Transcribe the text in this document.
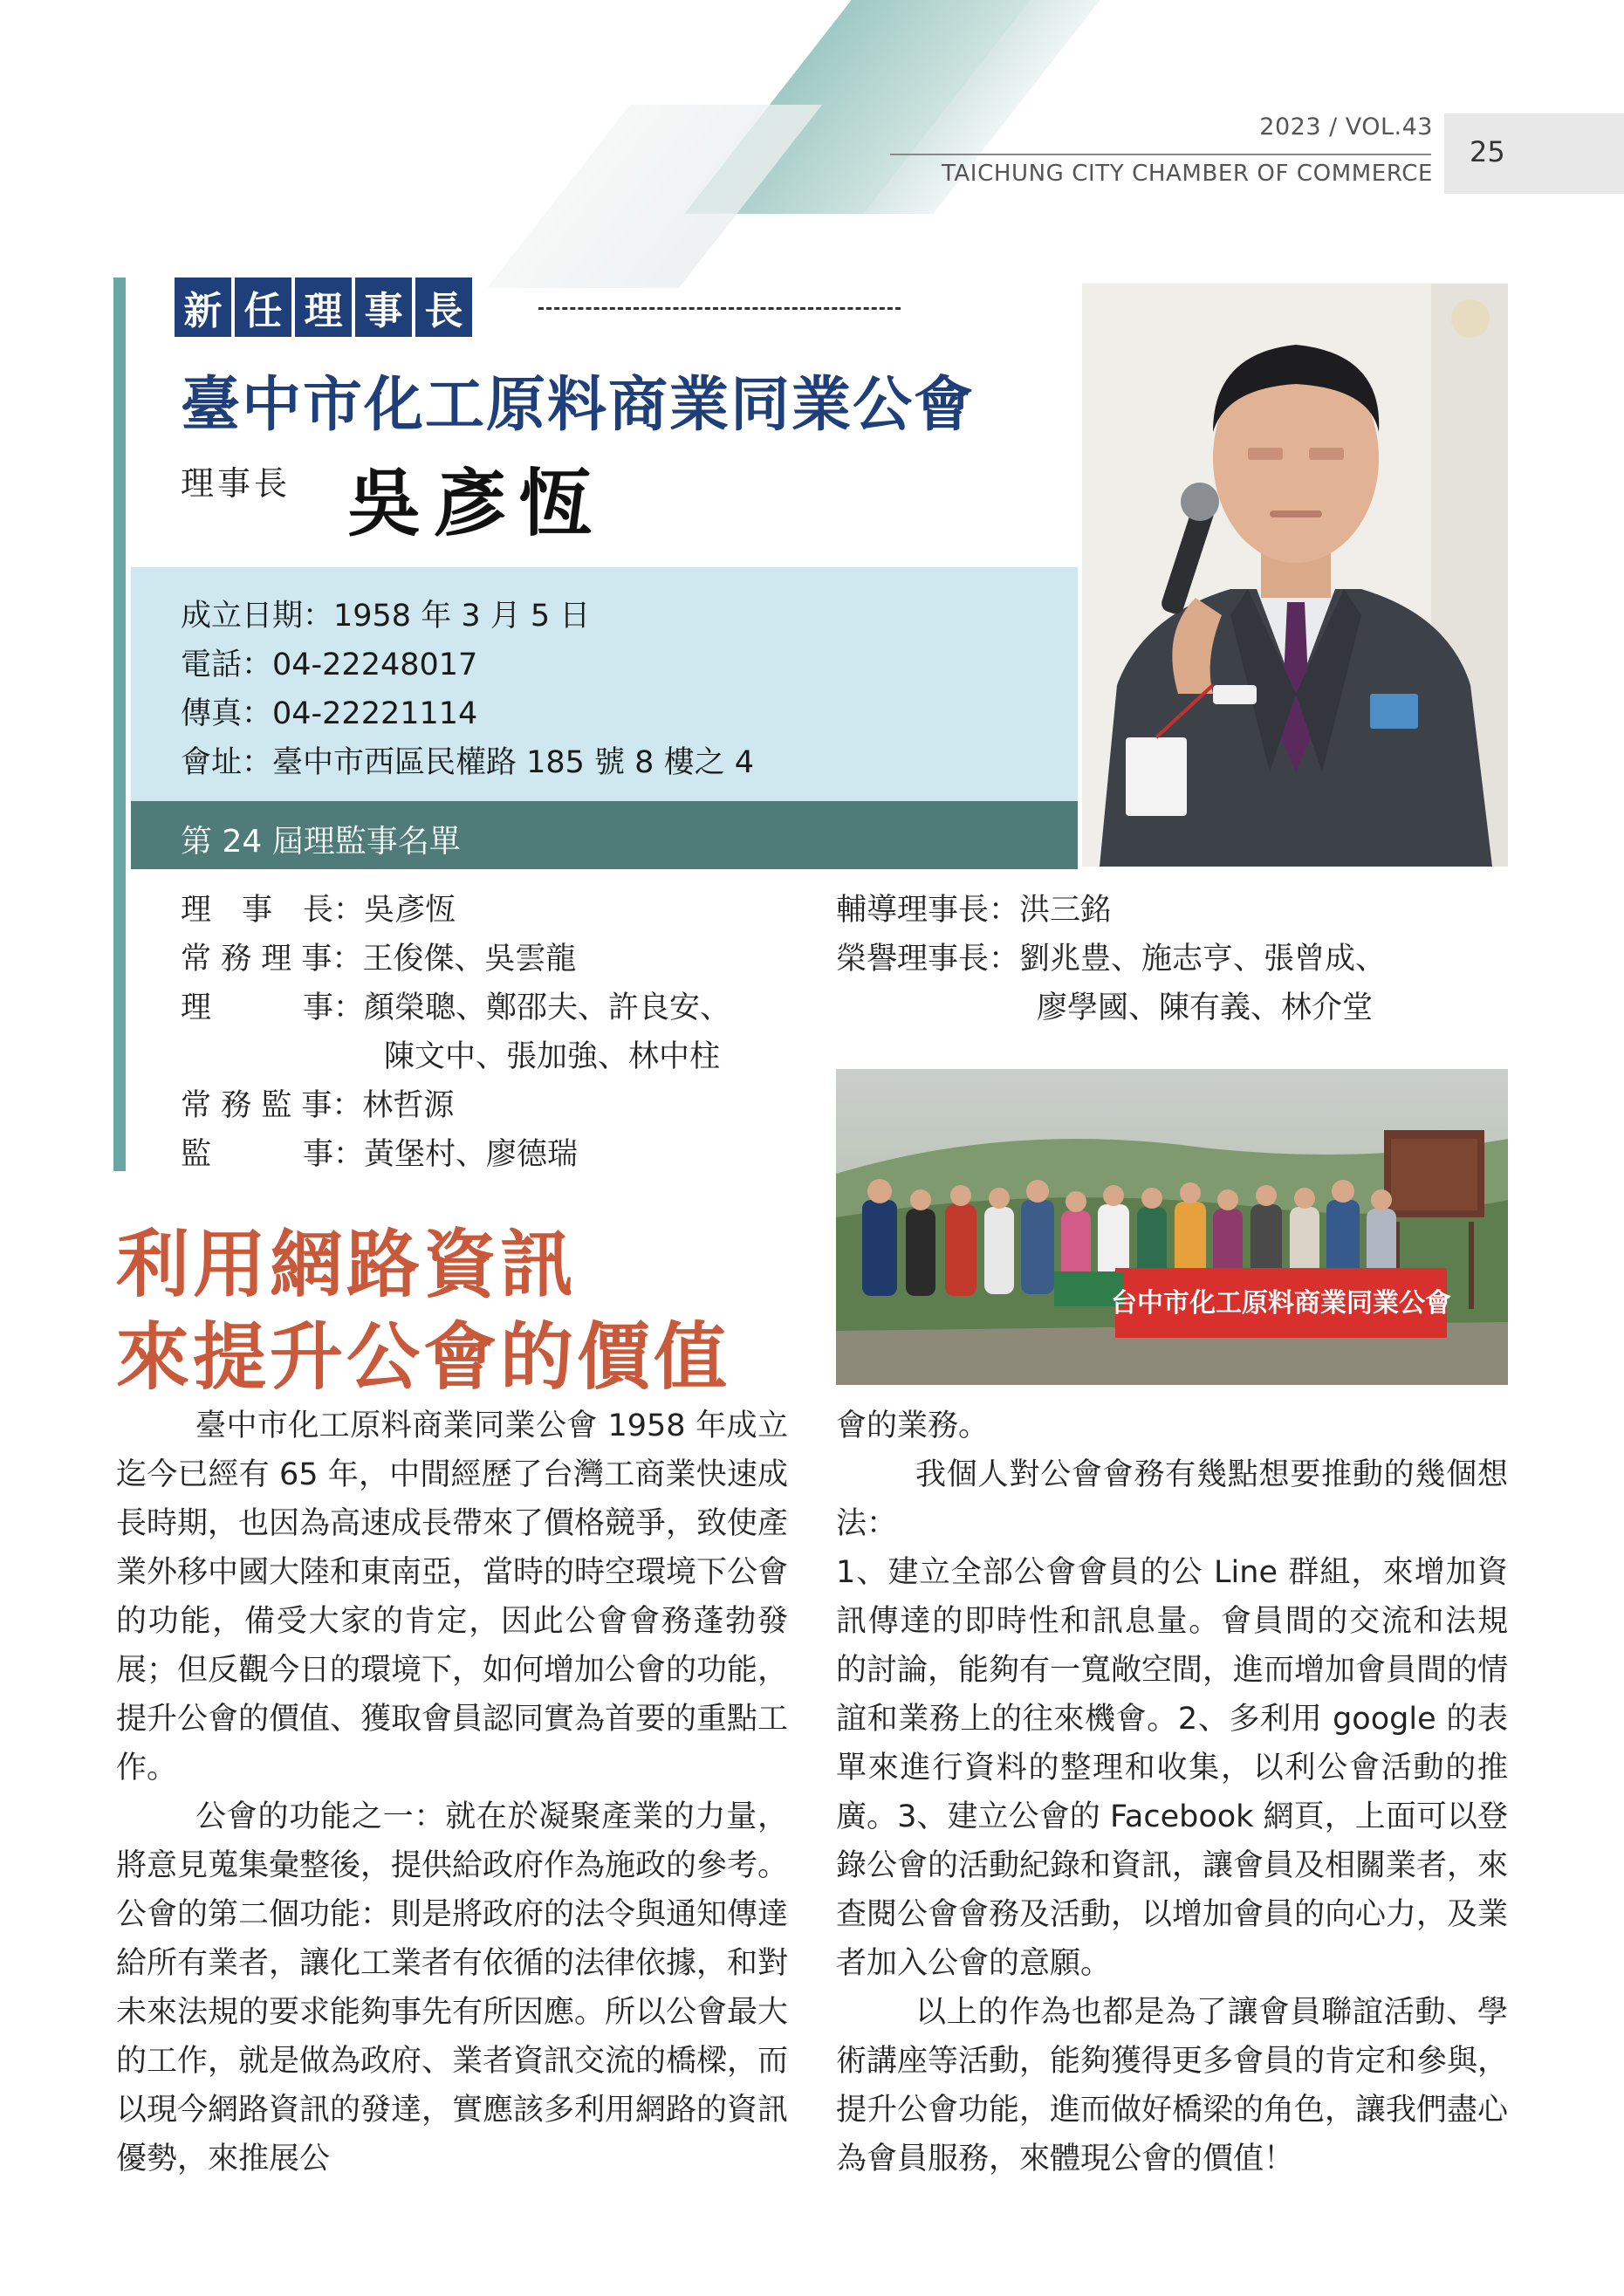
2023 / VOL.43
TAICHUNG CITY CHAMBER OF COMMERCE
25
新 任 理 事 長
臺中市化工原料商業同業公會
理事長 吳彥恆
成立日期：1958 年 3 月 5 日
電話：04-22248017
傳真：04-22221114
會址：臺中市西區民權路 185 號 8 樓之 4
第 24 屆理監事名單
理　事　長：吳彥恆
常 務 理 事：王俊傑、吳雲龍
理　　　事：顏榮聰、鄭邵夫、許良安、
陳文中、張加強、林中柱
常 務 監 事：林哲源
監　　　事：黃堡村、廖德瑞
輔導理事長：洪三銘
榮譽理事長：劉兆豊、施志亨、張曾成、
廖學國、陳有義、林介堂
台中市化工原料商業同業公會
利用網路資訊
來提升公會的價值

臺中市化工原料商業同業公會 1958 年成立迄今已經有 65 年，中間經歷了台灣工商業快速成長時期，也因為高速成長帶來了價格競爭，致使產業外移中國大陸和東南亞，當時的時空環境下公會的功能，備受大家的肯定，因此公會會務蓬勃發展；但反觀今日的環境下，如何增加公會的功能，提升公會的價值、獲取會員認同實為首要的重點工作。

公會的功能之一：就在於凝聚產業的力量，將意見蒐集彙整後，提供給政府作為施政的參考。公會的第二個功能：則是將政府的法令與通知傳達給所有業者，讓化工業者有依循的法律依據，和對未來法規的要求能夠事先有所因應。所以公會最大的工作，就是做為政府、業者資訊交流的橋樑，而以現今網路資訊的發達，實應該多利用網路的資訊優勢，來推展公

會的業務。

我個人對公會會務有幾點想要推動的幾個想法：

1、建立全部公會會員的公 Line 群組，來增加資訊傳達的即時性和訊息量。會員間的交流和法規 的討論，能夠有一寬敞空間，進而增加會員間的情誼和業務上的往來機會。2、多利用 google 的表單來進行資料的整理和收集，以利公會活動的推廣。3、建立公會的 Facebook 網頁，上面可以登錄公會的活動紀錄和資訊，讓會員及相關業者，來查閱公會會務及活動，以增加會員的向心力，及業者加入公會的意願。

以上的作為也都是為了讓會員聯誼活動、學術講座等活動，能夠獲得更多會員的肯定和參與，提升公會功能，進而做好橋梁的角色，讓我們盡心為會員服務，來體現公會的價值！
